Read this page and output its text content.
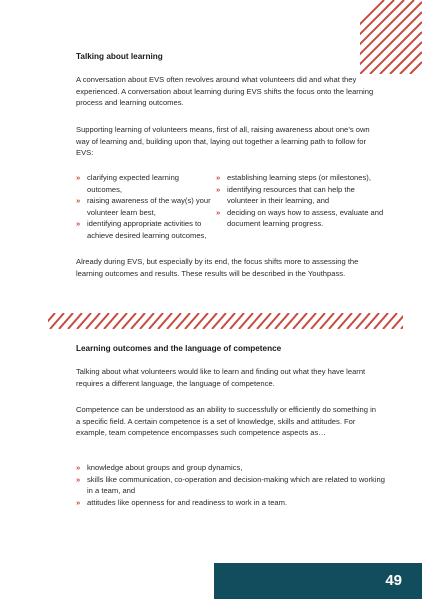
Talking about learning

A conversation about EVS often revolves around what volunteers did and what they experienced. A conversation about learning during EVS shifts the focus onto the learning process and learning outcomes.

Supporting learning of volunteers means, first of all, raising awareness about one’s own way of learning and, building upon that, laying out together a learning path to follow for EVS:

» clarifying expected learning outcomes,
» raising awareness of the way(s) your volunteer learn best,
» identifying appropriate activities to achieve desired learning outcomes,
» establishing learning steps (or milestones),
» identifying resources that can help the volunteer in their learning, and
» deciding on ways how to assess, evaluate and document learning progress.

Already during EVS, but especially by its end, the focus shifts more to assessing the learning outcomes and results. These results will be described in the Youthpass.

Learning outcomes and the language of competence

Talking about what volunteers would like to learn and finding out what they have learnt requires a different language, the language of competence.

Competence can be understood as an ability to successfully or efficiently do something in a specific field. A certain competence is a set of knowledge, skills and attitudes. For example, team competence encompasses such competence aspects as…

» knowledge about groups and group dynamics,
» skills like communication, co-operation and decision-making which are related to working in a team, and
» attitudes like openness for and readiness to work in a team.
49
